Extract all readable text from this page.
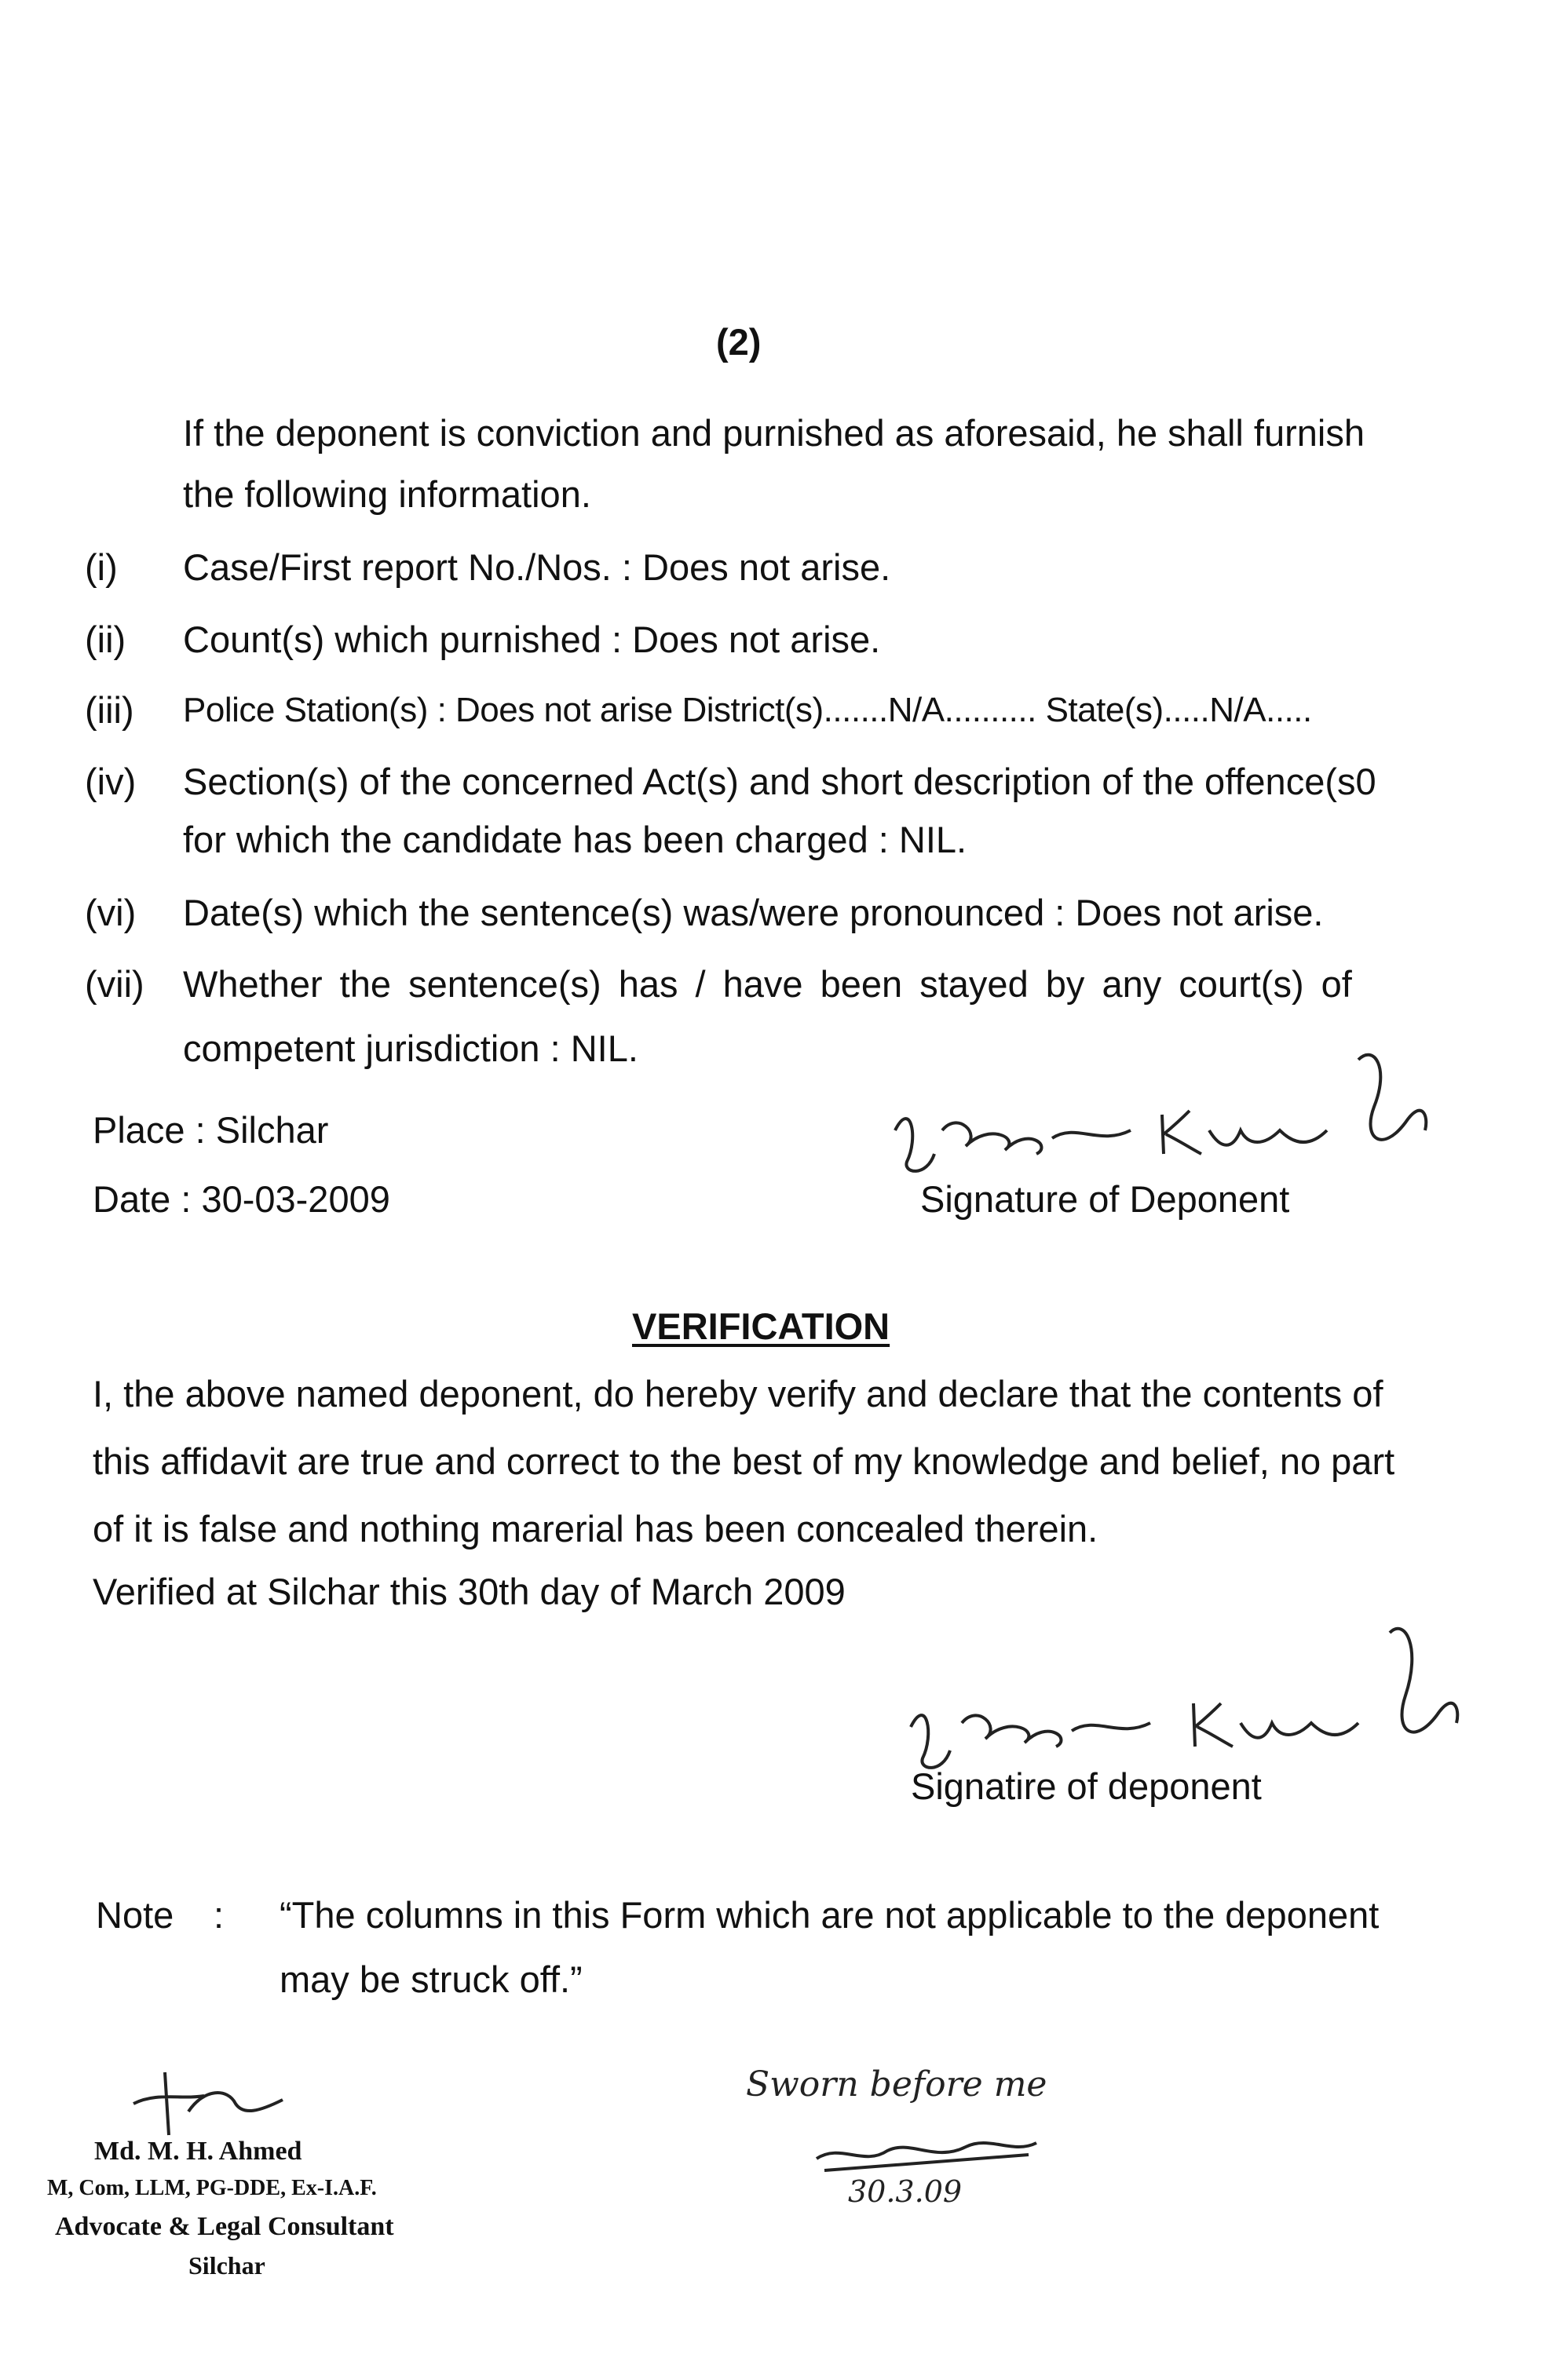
(2)
If the deponent is conviction and purnished as aforesaid, he shall furnish
the following information.
(i) Case/First report No./Nos. : Does not arise.
(ii) Count(s) which purnished : Does not arise.
(iii) Police Station(s) : Does not arise District(s).......N/A.......... State(s).....N/A.....
(iv) Section(s) of the concerned Act(s) and short description of the offence(s0
for which the candidate has been charged : NIL.
(vi) Date(s) which the sentence(s) was/were pronounced : Does not arise.
(vii) Whether the sentence(s) has / have been stayed by any court(s) of
competent jurisdiction : NIL.
Place : Silchar
Date : 30-03-2009	Signature of Deponent
VERIFICATION
I, the above named deponent, do hereby verify and declare that the contents of
this affidavit are true and correct to the best of my knowledge and belief, no part
of it is false and nothing marerial has been concealed therein.
Verified at Silchar this 30th day of March 2009
Signatire of deponent
Note : “The columns in this Form which are not applicable to the deponent
may be struck off.”
Md. M. H. Ahmed
M, Com, LLM, PG-DDE, Ex-I.A.F.
Advocate & Legal Consultant
Silchar
Sworn before me
30.3.09
